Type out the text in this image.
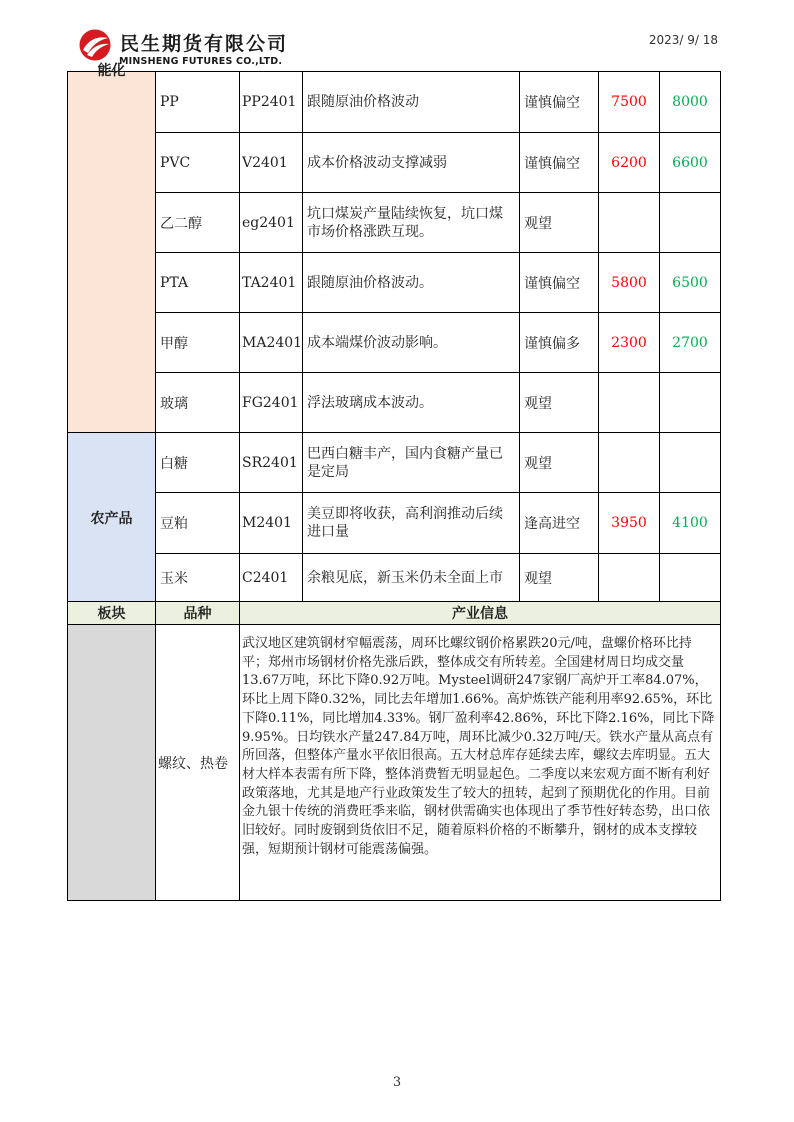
民生期货有限公司
MINSHENG FUTURES CO.,LTD.
2023/ 9/ 18
能化	PP	PP2401	跟随原油价格波动	谨慎偏空	7500	8000
	PVC	V2401	成本价格波动支撑减弱	谨慎偏空	6200	6600
	乙二醇	eg2401	坑口煤炭产量陆续恢复，坑口煤市场价格涨跌互现。	观望		
	PTA	TA2401	跟随原油价格波动。	谨慎偏空	5800	6500
	甲醇	MA2401	成本端煤价波动影响。	谨慎偏多	2300	2700
	玻璃	FG2401	浮法玻璃成本波动。	观望		
农产品	白糖	SR2401	巴西白糖丰产，国内食糖产量已是定局	观望		
	豆粕	M2401	美豆即将收获，高利润推动后续进口量	逢高进空	3950	4100
	玉米	C2401	余粮见底，新玉米仍未全面上市	观望		
板块	品种	产业信息
	螺纹、热卷	武汉地区建筑钢材窄幅震荡，周环比螺纹钢价格累跌20元/吨，盘螺价格环比持平；郑州市场钢材价格先涨后跌，整体成交有所转差。全国建材周日均成交量13.67万吨，环比下降0.92万吨。Mysteel调研247家钢厂高炉开工率84.07%，环比上周下降0.32%，同比去年增加1.66%。高炉炼铁产能利用率92.65%，环比下降0.11%，同比增加4.33%。钢厂盈利率42.86%，环比下降2.16%，同比下降9.95%。日均铁水产量247.84万吨，周环比减少0.32万吨/天。铁水产量从高点有所回落，但整体产量水平依旧很高。五大材总库存延续去库，螺纹去库明显。五大材大样本表需有所下降，整体消费暂无明显起色。二季度以来宏观方面不断有利好政策落地，尤其是地产行业政策发生了较大的扭转，起到了预期优化的作用。目前金九银十传统的消费旺季来临，钢材供需确实也体现出了季节性好转态势，出口依旧较好。同时废钢到货依旧不足，随着原料价格的不断攀升，钢材的成本支撑较强，短期预计钢材可能震荡偏强。
3
